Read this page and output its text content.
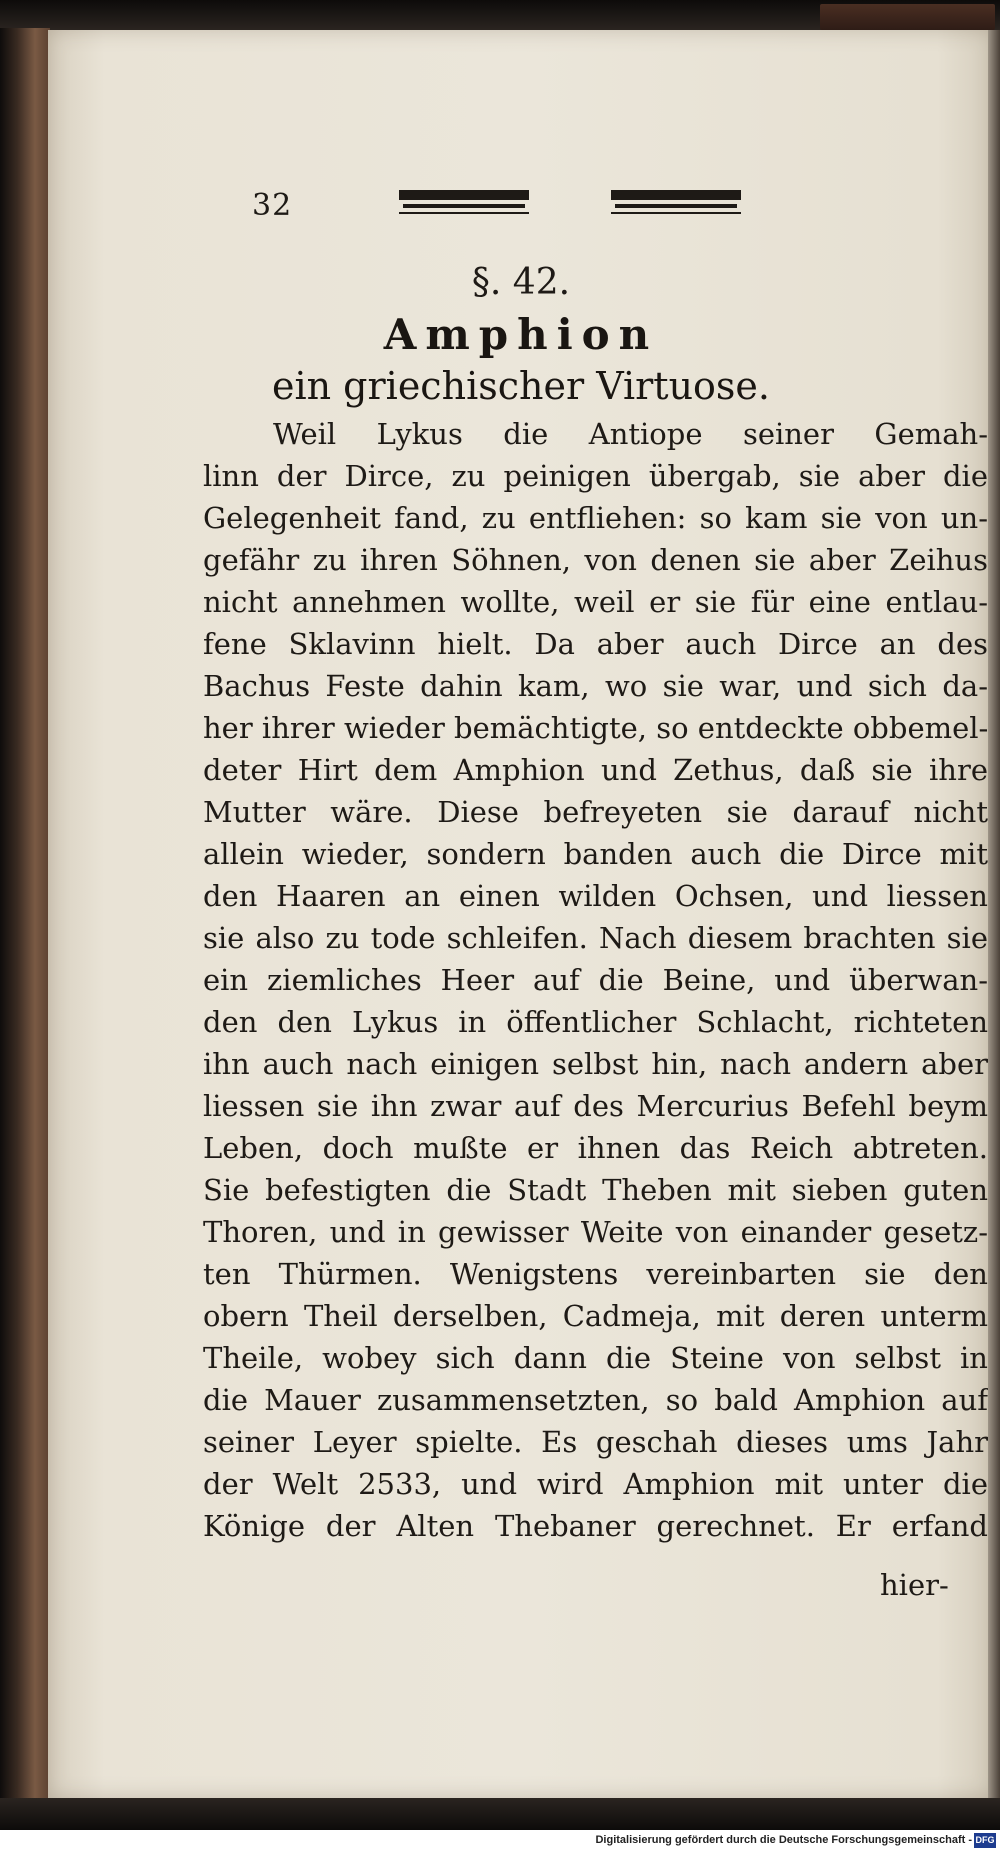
32
§. 42.
Amphion
ein griechischer Virtuose.
Weil Lykus die Antiope seiner Gemah-
linn der Dirce, zu peinigen übergab, sie aber die
Gelegenheit fand, zu entfliehen: so kam sie von un-
gefähr zu ihren Söhnen, von denen sie aber Zeihus
nicht annehmen wollte, weil er sie für eine entlau-
fene Sklavinn hielt. Da aber auch Dirce an des
Bachus Feste dahin kam, wo sie war, und sich da-
her ihrer wieder bemächtigte, so entdeckte obbemel-
deter Hirt dem Amphion und Zethus, daß sie ihre
Mutter wäre. Diese befreyeten sie darauf nicht
allein wieder, sondern banden auch die Dirce mit
den Haaren an einen wilden Ochsen, und liessen
sie also zu tode schleifen. Nach diesem brachten sie
ein ziemliches Heer auf die Beine, und überwan-
den den Lykus in öffentlicher Schlacht, richteten
ihn auch nach einigen selbst hin, nach andern aber
liessen sie ihn zwar auf des Mercurius Befehl beym
Leben, doch mußte er ihnen das Reich abtreten.
Sie befestigten die Stadt Theben mit sieben guten
Thoren, und in gewisser Weite von einander gesetz-
ten Thürmen. Wenigstens vereinbarten sie den
obern Theil derselben, Cadmeja, mit deren unterm
Theile, wobey sich dann die Steine von selbst in
die Mauer zusammensetzten, so bald Amphion auf
seiner Leyer spielte. Es geschah dieses ums Jahr
der Welt 2533, und wird Amphion mit unter die
Könige der Alten Thebaner gerechnet. Er erfand
hier-
Digitalisierung gefördert durch die Deutsche Forschungsgemeinschaft - DFG
